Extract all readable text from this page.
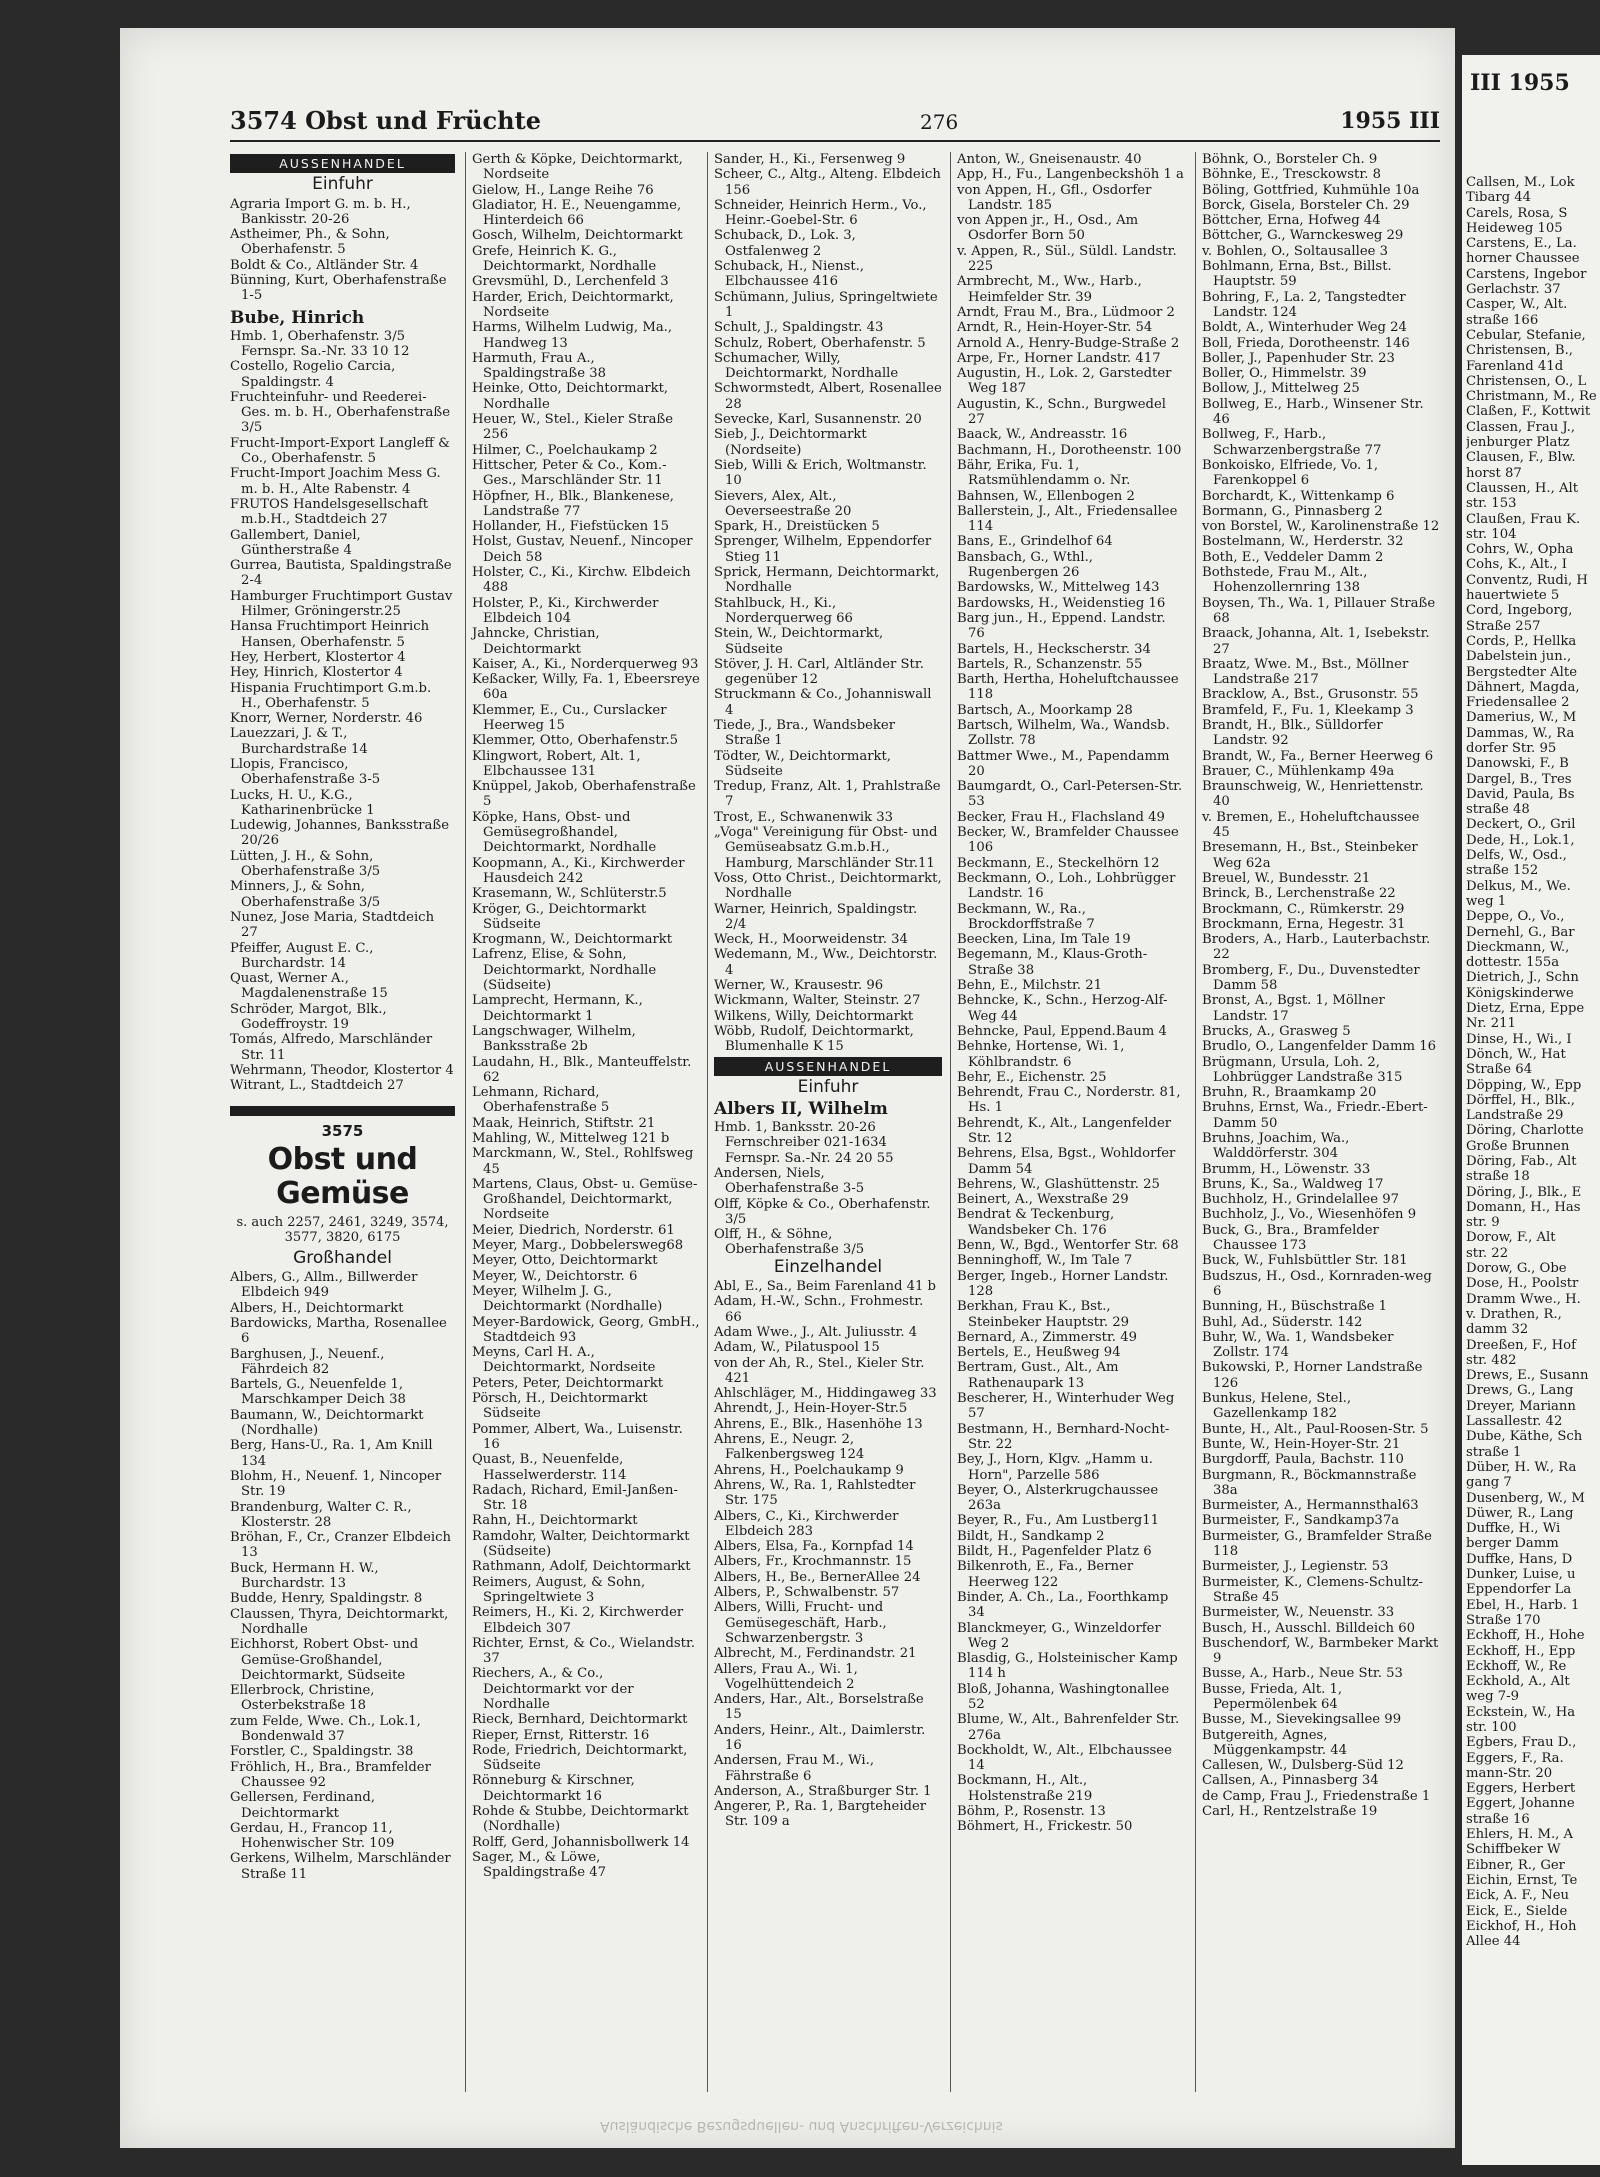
3574 Obst und Früchte	276	1955 III
AUSSENHANDEL
Einfuhr
Agraria Import G. m. b. H., Bankisstr. 20-26
Astheimer, Ph., & Sohn, Oberhafenstr. 5
Boldt & Co., Altländer Str. 4
Bünning, Kurt, Oberhafenstraße 1-5
Bube, Hinrich
Hmb. 1, Oberhafenstr. 3/5 Fernspr. Sa.-Nr. 33 10 12
Costello, Rogelio Carcia, Spaldingstr. 4
Fruchteinfuhr- und Reederei-Ges. m. b. H., Oberhafenstraße 3/5
Frucht-Import-Export Langleff & Co., Oberhafenstr. 5
Frucht-Import Joachim Mess G. m. b. H., Alte Rabenstr. 4
FRUTOS Handelsgesellschaft m.b.H., Stadtdeich 27
Gallembert, Daniel, Güntherstraße 4
Gurrea, Bautista, Spaldingstraße 2-4
Hamburger Fruchtimport Gustav Hilmer, Gröningerstr.25
Hansa Fruchtimport Heinrich Hansen, Oberhafenstr. 5
Hey, Herbert, Klostertor 4
Hey, Hinrich, Klostertor 4
Hispania Fruchtimport G.m.b. H., Oberhafenstr. 5
Knorr, Werner, Norderstr. 46
Lauezzari, J. & T., Burchardstraße 14
Llopis, Francisco, Oberhafenstraße 3-5
Lucks, H. U., K.G., Katharinenbrücke 1
Ludewig, Johannes, Banksstraße 20/26
Lütten, J. H., & Sohn, Oberhafenstraße 3/5
Minners, J., & Sohn, Oberhafenstraße 3/5
Nunez, Jose Maria, Stadtdeich 27
Pfeiffer, August E. C., Burchardstr. 14
Quast, Werner A., Magdalenenstraße 15
Schröder, Margot, Blk., Godeffroystr. 19
Tomás, Alfredo, Marschländer Str. 11
Wehrmann, Theodor, Klostertor 4
Witrant, L., Stadtdeich 27
3575
Obst und Gemüse
s. auch 2257, 2461, 3249, 3574, 3577, 3820, 6175
Großhandel
Albers, G., Allm., Billwerder Elbdeich 949
Albers, H., Deichtormarkt
Bardowicks, Martha, Rosenallee 6
Barghusen, J., Neuenf., Fährdeich 82
Bartels, G., Neuenfelde 1, Marschkamper Deich 38
Baumann, W., Deichtormarkt (Nordhalle)
Berg, Hans-U., Ra. 1, Am Knill 134
Blohm, H., Neuenf. 1, Nincoper Str. 19
Brandenburg, Walter C. R., Klosterstr. 28
Bröhan, F., Cr., Cranzer Elbdeich 13
Buck, Hermann H. W., Burchardstr. 13
Budde, Henry, Spaldingstr. 8
Claussen, Thyra, Deichtormarkt, Nordhalle
Eichhorst, Robert Obst- und Gemüse-Großhandel, Deichtormarkt, Südseite
Ellerbrock, Christine, Osterbekstraße 18
zum Felde, Wwe. Ch., Lok.1, Bondenwald 37
Forstler, C., Spaldingstr. 38
Fröhlich, H., Bra., Bramfelder Chaussee 92
Gellersen, Ferdinand, Deichtormarkt
Gerdau, H., Francop 11, Hohenwischer Str. 109
Gerkens, Wilhelm, Marschländer Straße 11
Gerth & Köpke, Deichtormarkt, Nordseite
Gielow, H., Lange Reihe 76
Gladiator, H. E., Neuengamme, Hinterdeich 66
Gosch, Wilhelm, Deichtormarkt
Grefe, Heinrich K. G., Deichtormarkt, Nordhalle
Grevsmühl, D., Lerchenfeld 3
Harder, Erich, Deichtormarkt, Nordseite
Harms, Wilhelm Ludwig, Ma., Handweg 13
Harmuth, Frau A., Spaldingstraße 38
Heinke, Otto, Deichtormarkt, Nordhalle
Heuer, W., Stel., Kieler Straße 256
Hilmer, C., Poelchaukamp 2
Hittscher, Peter & Co., Kom.-Ges., Marschländer Str. 11
Höpfner, H., Blk., Blankenese, Landstraße 77
Hollander, H., Fiefstücken 15
Holst, Gustav, Neuenf., Nincoper Deich 58
Holster, C., Ki., Kirchw. Elbdeich 488
Holster, P., Ki., Kirchwerder Elbdeich 104
Jahncke, Christian, Deichtormarkt
Kaiser, A., Ki., Norderquerweg 93
Keßacker, Willy, Fa. 1, Ebeersreye 60a
Klemmer, E., Cu., Curslacker Heerweg 15
Klemmer, Otto, Oberhafenstr.5
Klingwort, Robert, Alt. 1, Elbchaussee 131
Knüppel, Jakob, Oberhafenstraße 5
Köpke, Hans, Obst- und Gemüsegroßhandel, Deichtormarkt, Nordhalle
Koopmann, A., Ki., Kirchwerder Hausdeich 242
Krasemann, W., Schlüterstr.5
Kröger, G., Deichtormarkt Südseite
Krogmann, W., Deichtormarkt
Lafrenz, Elise, & Sohn, Deichtormarkt, Nordhalle (Südseite)
Lamprecht, Hermann, K., Deichtormarkt 1
Langschwager, Wilhelm, Banksstraße 2b
Laudahn, H., Blk., Manteuffelstr. 62
Lehmann, Richard, Oberhafenstraße 5
Maak, Heinrich, Stiftstr. 21
Mahling, W., Mittelweg 121 b
Marckmann, W., Stel., Rohlfsweg 45
Martens, Claus, Obst- u. Gemüse-Großhandel, Deichtormarkt, Nordseite
Meier, Diedrich, Norderstr. 61
Meyer, Marg., Dobbelersweg68
Meyer, Otto, Deichtormarkt
Meyer, W., Deichtorstr. 6
Meyer, Wilhelm J. G., Deichtormarkt (Nordhalle)
Meyer-Bardowick, Georg, GmbH., Stadtdeich 93
Meyns, Carl H. A., Deichtormarkt, Nordseite
Peters, Peter, Deichtormarkt
Pörsch, H., Deichtormarkt Südseite
Pommer, Albert, Wa., Luisenstr. 16
Quast, B., Neuenfelde, Hasselwerderstr. 114
Radach, Richard, Emil-Janßen-Str. 18
Rahn, H., Deichtormarkt
Ramdohr, Walter, Deichtormarkt (Südseite)
Rathmann, Adolf, Deichtormarkt
Reimers, August, & Sohn, Springeltwiete 3
Reimers, H., Ki. 2, Kirchwerder Elbdeich 307
Richter, Ernst, & Co., Wielandstr. 37
Riechers, A., & Co., Deichtormarkt vor der Nordhalle
Rieck, Bernhard, Deichtormarkt
Rieper, Ernst, Ritterstr. 16
Rode, Friedrich, Deichtormarkt, Südseite
Rönneburg & Kirschner, Deichtormarkt 16
Rohde & Stubbe, Deichtormarkt (Nordhalle)
Rolff, Gerd, Johannisbollwerk 14
Sager, M., & Löwe, Spaldingstraße 47
Sander, H., Ki., Fersenweg 9
Scheer, C., Altg., Alteng. Elbdeich 156
Schneider, Heinrich Herm., Vo., Heinr.-Goebel-Str. 6
Schuback, D., Lok. 3, Ostfalenweg 2
Schuback, H., Nienst., Elbchaussee 416
Schümann, Julius, Springeltwiete 1
Schult, J., Spaldingstr. 43
Schulz, Robert, Oberhafenstr. 5
Schumacher, Willy, Deichtormarkt, Nordhalle
Schwormstedt, Albert, Rosenallee 28
Sevecke, Karl, Susannenstr. 20
Sieb, J., Deichtormarkt (Nordseite)
Sieb, Willi & Erich, Woltmanstr. 10
Sievers, Alex, Alt., Oeverseestraße 20
Spark, H., Dreistücken 5
Sprenger, Wilhelm, Eppendorfer Stieg 11
Sprick, Hermann, Deichtormarkt, Nordhalle
Stahlbuck, H., Ki., Norderquerweg 66
Stein, W., Deichtormarkt, Südseite
Stöver, J. H. Carl, Altländer Str. gegenüber 12
Struckmann & Co., Johanniswall 4
Tiede, J., Bra., Wandsbeker Straße 1
Tödter, W., Deichtormarkt, Südseite
Tredup, Franz, Alt. 1, Prahlstraße 7
Trost, E., Schwanenwik 33
„Voga" Vereinigung für Obst- und Gemüseabsatz G.m.b.H., Hamburg, Marschländer Str.11
Voss, Otto Christ., Deichtormarkt, Nordhalle
Warner, Heinrich, Spaldingstr. 2/4
Weck, H., Moorweidenstr. 34
Wedemann, M., Ww., Deichtorstr. 4
Werner, W., Krausestr. 96
Wickmann, Walter, Steinstr. 27
Wilkens, Willy, Deichtormarkt
Wöbb, Rudolf, Deichtormarkt, Blumenhalle K 15
AUSSENHANDEL
Einfuhr
Albers II, Wilhelm
Hmb. 1, Banksstr. 20-26 Fernschreiber 021-1634 Fernspr. Sa.-Nr. 24 20 55
Andersen, Niels, Oberhafenstraße 3-5
Olff, Köpke & Co., Oberhafenstr. 3/5
Olff, H., & Söhne, Oberhafenstraße 3/5
Einzelhandel
Abl, E., Sa., Beim Farenland 41 b
Adam, H.-W., Schn., Frohmestr. 66
Adam Wwe., J., Alt. Juliusstr. 4
Adam, W., Pilatuspool 15
von der Ah, R., Stel., Kieler Str. 421
Ahlschläger, M., Hiddingaweg 33
Ahrendt, J., Hein-Hoyer-Str.5
Ahrens, E., Blk., Hasenhöhe 13
Ahrens, E., Neugr. 2, Falkenbergsweg 124
Ahrens, H., Poelchaukamp 9
Ahrens, W., Ra. 1, Rahlstedter Str. 175
Albers, C., Ki., Kirchwerder Elbdeich 283
Albers, Elsa, Fa., Kornpfad 14
Albers, Fr., Krochmannstr. 15
Albers, H., Be., BernerAllee 24
Albers, P., Schwalbenstr. 57
Albers, Willi, Frucht- und Gemüsegeschäft, Harb., Schwarzenbergstr. 3
Albrecht, M., Ferdinandstr. 21
Allers, Frau A., Wi. 1, Vogelhüttendeich 2
Anders, Har., Alt., Borselstraße 15
Anders, Heinr., Alt., Daimlerstr. 16
Andersen, Frau M., Wi., Fährstraße 6
Anderson, A., Straßburger Str. 1
Angerer, P., Ra. 1, Bargteheider Str. 109 a
Anton, W., Gneisenaustr. 40
App, H., Fu., Langenbeckshöh 1 a
von Appen, H., Gfl., Osdorfer Landstr. 185
von Appen jr., H., Osd., Am Osdorfer Born 50
v. Appen, R., Sül., Süldl. Landstr. 225
Armbrecht, M., Ww., Harb., Heimfelder Str. 39
Arndt, Frau M., Bra., Lüdmoor 2
Arndt, R., Hein-Hoyer-Str. 54
Arnold A., Henry-Budge-Straße 2
Arpe, Fr., Horner Landstr. 417
Augustin, H., Lok. 2, Garstedter Weg 187
Augustin, K., Schn., Burgwedel 27
Baack, W., Andreasstr. 16
Bachmann, H., Dorotheenstr. 100
Bähr, Erika, Fu. 1, Ratsmühlendamm o. Nr.
Bahnsen, W., Ellenbogen 2
Ballerstein, J., Alt., Friedensallee 114
Bans, E., Grindelhof 64
Bansbach, G., Wthl., Rugenbergen 26
Bardowsks, W., Mittelweg 143
Bardowsks, H., Weidenstieg 16
Barg jun., H., Eppend. Landstr. 76
Bartels, H., Heckscherstr. 34
Bartels, R., Schanzenstr. 55
Barth, Hertha, Hoheluftchaussee 118
Bartsch, A., Moorkamp 28
Bartsch, Wilhelm, Wa., Wandsb. Zollstr. 78
Battmer Wwe., M., Papendamm 20
Baumgardt, O., Carl-Petersen-Str. 53
Becker, Frau H., Flachsland 49
Becker, W., Bramfelder Chaussee 106
Beckmann, E., Steckelhörn 12
Beckmann, O., Loh., Lohbrügger Landstr. 16
Beckmann, W., Ra., Brockdorffstraße 7
Beecken, Lina, Im Tale 19
Begemann, M., Klaus-Groth-Straße 38
Behn, E., Milchstr. 21
Behncke, K., Schn., Herzog-Alf-Weg 44
Behncke, Paul, Eppend.Baum 4
Behnke, Hortense, Wi. 1, Köhlbrandstr. 6
Behr, E., Eichenstr. 25
Behrendt, Frau C., Norderstr. 81, Hs. 1
Behrendt, K., Alt., Langenfelder Str. 12
Behrens, Elsa, Bgst., Wohldorfer Damm 54
Behrens, W., Glashüttenstr. 25
Beinert, A., Wexstraße 29
Bendrat & Teckenburg, Wandsbeker Ch. 176
Benn, W., Bgd., Wentorfer Str. 68
Benninghoff, W., Im Tale 7
Berger, Ingeb., Horner Landstr. 128
Berkhan, Frau K., Bst., Steinbeker Hauptstr. 29
Bernard, A., Zimmerstr. 49
Bertels, E., Heußweg 94
Bertram, Gust., Alt., Am Rathenaupark 13
Bescherer, H., Winterhuder Weg 57
Bestmann, H., Bernhard-Nocht-Str. 22
Bey, J., Horn, Klgv. „Hamm u. Horn", Parzelle 586
Beyer, O., Alsterkrugchaussee 263a
Beyer, R., Fu., Am Lustberg11
Bildt, H., Sandkamp 2
Bildt, H., Pagenfelder Platz 6
Bilkenroth, E., Fa., Berner Heerweg 122
Binder, A. Ch., La., Foorthkamp 34
Blanckmeyer, G., Winzeldorfer Weg 2
Blasdig, G., Holsteinischer Kamp 114 h
Bloß, Johanna, Washingtonallee 52
Blume, W., Alt., Bahrenfelder Str. 276a
Bockholdt, W., Alt., Elbchaussee 14
Bockmann, H., Alt., Holstenstraße 219
Böhm, P., Rosenstr. 13
Böhmert, H., Frickestr. 50
Böhnk, O., Borsteler Ch. 9
Böhnke, E., Tresckowstr. 8
Böling, Gottfried, Kuhmühle 10a
Borck, Gisela, Borsteler Ch. 29
Böttcher, Erna, Hofweg 44
Böttcher, G., Warnckesweg 29
v. Bohlen, O., Soltausallee 3
Bohlmann, Erna, Bst., Billst. Hauptstr. 59
Bohring, F., La. 2, Tangstedter Landstr. 124
Boldt, A., Winterhuder Weg 24
Boll, Frieda, Dorotheenstr. 146
Boller, J., Papenhuder Str. 23
Boller, O., Himmelstr. 39
Bollow, J., Mittelweg 25
Bollweg, E., Harb., Winsener Str. 46
Bollweg, F., Harb., Schwarzenbergstraße 77
Bonkoisko, Elfriede, Vo. 1, Farenkoppel 6
Borchardt, K., Wittenkamp 6
Bormann, G., Pinnasberg 2
von Borstel, W., Karolinenstraße 12
Bostelmann, W., Herderstr. 32
Both, E., Veddeler Damm 2
Bothstede, Frau M., Alt., Hohenzollernring 138
Boysen, Th., Wa. 1, Pillauer Straße 68
Braack, Johanna, Alt. 1, Isebekstr. 27
Braatz, Wwe. M., Bst., Möllner Landstraße 217
Bracklow, A., Bst., Grusonstr. 55
Bramfeld, F., Fu. 1, Kleekamp 3
Brandt, H., Blk., Sülldorfer Landstr. 92
Brandt, W., Fa., Berner Heerweg 6
Brauer, C., Mühlenkamp 49a
Braunschweig, W., Henriettenstr. 40
v. Bremen, E., Hoheluftchaussee 45
Bresemann, H., Bst., Steinbeker Weg 62a
Breuel, W., Bundesstr. 21
Brinck, B., Lerchenstraße 22
Brockmann, C., Rümkerstr. 29
Brockmann, Erna, Hegestr. 31
Broders, A., Harb., Lauterbachstr. 22
Bromberg, F., Du., Duvenstedter Damm 58
Bronst, A., Bgst. 1, Möllner Landstr. 17
Brucks, A., Grasweg 5
Brudlo, O., Langenfelder Damm 16
Brügmann, Ursula, Loh. 2, Lohbrügger Landstraße 315
Bruhn, R., Braamkamp 20
Bruhns, Ernst, Wa., Friedr.-Ebert-Damm 50
Bruhns, Joachim, Wa., Walddörferstr. 304
Brumm, H., Löwenstr. 33
Bruns, K., Sa., Waldweg 17
Buchholz, H., Grindelallee 97
Buchholz, J., Vo., Wiesenhöfen 9
Buck, G., Bra., Bramfelder Chaussee 173
Buck, W., Fuhlsbüttler Str. 181
Budszus, H., Osd., Kornraden-weg 6
Bunning, H., Büschstraße 1
Buhl, Ad., Süderstr. 142
Buhr, W., Wa. 1, Wandsbeker Zollstr. 174
Bukowski, P., Horner Landstraße 126
Bunkus, Helene, Stel., Gazellenkamp 182
Bunte, H., Alt., Paul-Roosen-Str. 5
Bunte, W., Hein-Hoyer-Str. 21
Burgdorff, Paula, Bachstr. 110
Burgmann, R., Böckmannstraße 38a
Burmeister, A., Hermannsthal63
Burmeister, F., Sandkamp37a
Burmeister, G., Bramfelder Straße 118
Burmeister, J., Legienstr. 53
Burmeister, K., Clemens-Schultz-Straße 45
Burmeister, W., Neuenstr. 33
Busch, H., Ausschl. Billdeich 60
Buschendorf, W., Barmbeker Markt 9
Busse, A., Harb., Neue Str. 53
Busse, Frieda, Alt. 1, Pepermölenbek 64
Busse, M., Sievekingsallee 99
Butgereith, Agnes, Müggenkampstr. 44
Callesen, W., Dulsberg-Süd 12
Callsen, A., Pinnasberg 34
de Camp, Frau J., Friedenstraße 1
Carl, H., Rentzelstraße 19
Ausländische Bezugsquellen- und Anschriften-Verzeichnis
III 1955
Callsen, M., Lok
Tibarg 44
Carels, Rosa, S
Heideweg 105
Carstens, E., La.
horner Chaussee
Carstens, Ingebor
Gerlachstr. 37
Casper, W., Alt.
straße 166
Cebular, Stefanie,
Christensen, B.,
Farenland 41d
Christensen, O., L
Christmann, M., Re
Claßen, F., Kottwit
Classen, Frau J.,
jenburger Platz
Clausen, F., Blw.
horst 87
Claussen, H., Alt
str. 153
Claußen, Frau K.
str. 104
Cohrs, W., Opha
Cohs, K., Alt., I
Conventz, Rudi, H
hauertwiete 5
Cord, Ingeborg,
Straße 257
Cords, P., Hellka
Dabelstein jun.,
Bergstedter Alte
Dähnert, Magda,
Friedensallee 2
Damerius, W., M
Dammas, W., Ra
dorfer Str. 95
Danowski, F., B
Dargel, B., Tres
David, Paula, Bs
straße 48
Deckert, O., Gril
Dede, H., Lok.1,
Delfs, W., Osd.,
straße 152
Delkus, M., We.
weg 1
Deppe, O., Vo.,
Dernehl, G., Bar
Dieckmann, W.,
dottestr. 155a
Dietrich, J., Schn
Königskinderwe
Dietz, Erna, Eppe
Nr. 211
Dinse, H., Wi., I
Dönch, W., Hat
Straße 64
Döpping, W., Epp
Dörffel, H., Blk.,
Landstraße 29
Döring, Charlotte
Große Brunnen
Döring, Fab., Alt
straße 18
Döring, J., Blk., E
Domann, H., Has
str. 9
Dorow, F., Alt
str. 22
Dorow, G., Obe
Dose, H., Poolstr
Dramm Wwe., H.
v. Drathen, R.,
damm 32
Dreeßen, F., Hof
str. 482
Drews, E., Susann
Drews, G., Lang
Dreyer, Mariann
Lassallestr. 42
Dube, Käthe, Sch
straße 1
Düber, H. W., Ra
gang 7
Dusenberg, W., M
Düwer, R., Lang
Duffke, H., Wi
berger Damm
Duffke, Hans, D
Dunker, Luise, u
Eppendorfer La
Ebel, H., Harb. 1
Straße 170
Eckhoff, H., Hohe
Eckhoff, H., Epp
Eckhoff, W., Re
Eckhold, A., Alt
weg 7-9
Eckstein, W., Ha
str. 100
Egbers, Frau D.,
Eggers, F., Ra.
mann-Str. 20
Eggers, Herbert
Eggert, Johanne
straße 16
Ehlers, H. M., A
Schiffbeker W
Eibner, R., Ger
Eichin, Ernst, Te
Eick, A. F., Neu
Eick, E., Sielde
Eickhof, H., Hoh
Allee 44
